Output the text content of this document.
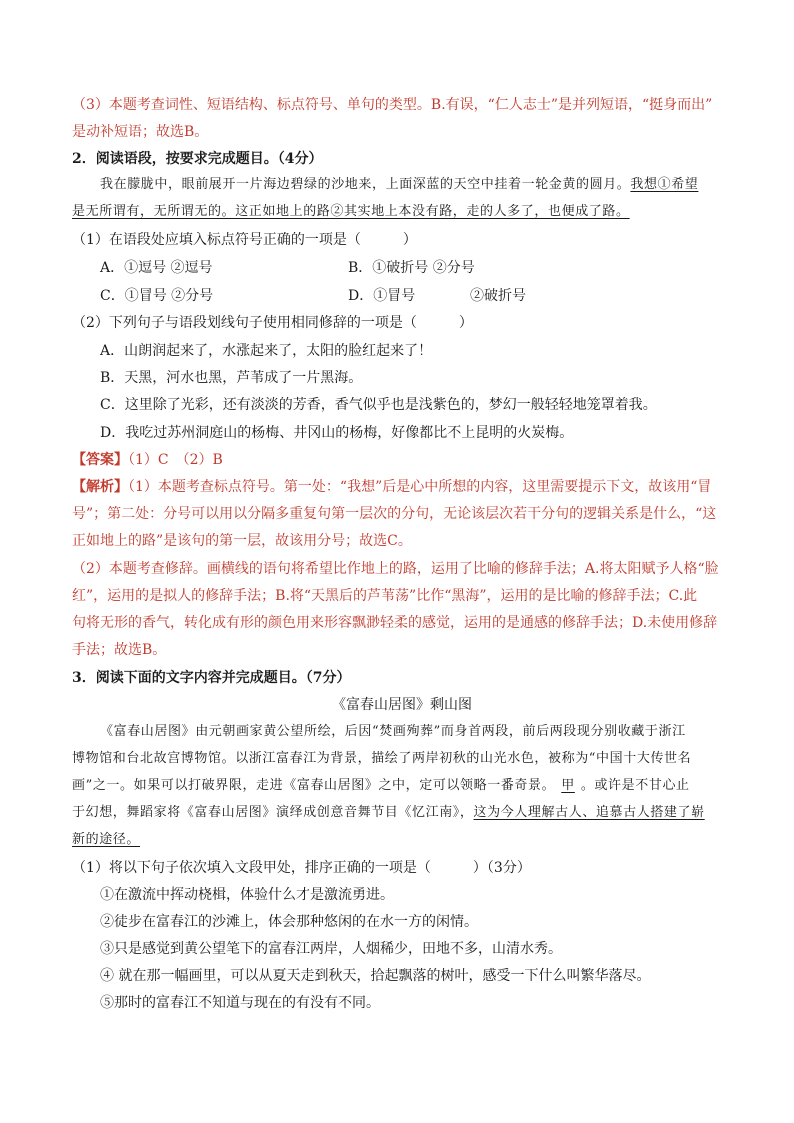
（3）本题考查词性、短语结构、标点符号、单句的类型。B.有误，“仁人志士”是并列短语，“挺身而出”
是动补短语；故选B。
2．阅读语段，按要求完成题目。（4分）
我在朦胧中，眼前展开一片海边碧绿的沙地来，上面深蓝的天空中挂着一轮金黄的圆月。我想①希望
是无所谓有，无所谓无的。这正如地上的路②其实地上本没有路，走的人多了，也便成了路。
（1）在语段处应填入标点符号正确的一项是（　　　）
A．①逗号 ②逗号	B．①破折号 ②分号
C．①冒号 ②分号	D．①冒号	②破折号
（2）下列句子与语段划线句子使用相同修辞的一项是（　　　）
A．山朗润起来了，水涨起来了，太阳的脸红起来了！
B．天黑，河水也黑，芦苇成了一片黑海。
C．这里除了光彩，还有淡淡的芳香，香气似乎也是浅紫色的，梦幻一般轻轻地笼罩着我。
D．我吃过苏州洞庭山的杨梅、井冈山的杨梅，好像都比不上昆明的火炭梅。
【答案】（1）C　（2）B
【解析】（1）本题考查标点符号。第一处：“我想”后是心中所想的内容，这里需要提示下文，故该用“冒
号”；第二处：分号可以用以分隔多重复句第一层次的分句，无论该层次若干分句的逻辑关系是什么，“这
正如地上的路”是该句的第一层，故该用分号；故选C。
（2）本题考查修辞。画横线的语句将希望比作地上的路，运用了比喻的修辞手法；A.将太阳赋予人格“脸
红”，运用的是拟人的修辞手法；B.将“天黑后的芦苇荡”比作“黑海”，运用的是比喻的修辞手法；C.此
句将无形的香气，转化成有形的颜色用来形容飘渺轻柔的感觉，运用的是通感的修辞手法；D.未使用修辞
手法；故选B。
3．阅读下面的文字内容并完成题目。（7分）
《富春山居图》剩山图
《富春山居图》由元朝画家黄公望所绘，后因“焚画殉葬”而身首两段，前后两段现分别收藏于浙江
博物馆和台北故宫博物馆。以浙江富春江为背景，描绘了两岸初秋的山光水色，被称为“中国十大传世名
画”之一。如果可以打破界限，走进《富春山居图》之中，定可以领略一番奇景。 甲 。或许是不甘心止
于幻想，舞蹈家将《富春山居图》演绎成创意音舞节目《忆江南》，这为今人理解古人、追慕古人搭建了崭
新的途径。
（1）将以下句子依次填入文段甲处，排序正确的一项是（　　　）（3分）
①在激流中挥动桡楫，体验什么才是激流勇进。
②徒步在富春江的沙滩上，体会那种悠闲的在水一方的闲情。
③只是感觉到黄公望笔下的富春江两岸，人烟稀少，田地不多，山清水秀。
④ 就在那一幅画里，可以从夏天走到秋天，拾起飘落的树叶，感受一下什么叫繁华落尽。
⑤那时的富春江不知道与现在的有没有不同。
